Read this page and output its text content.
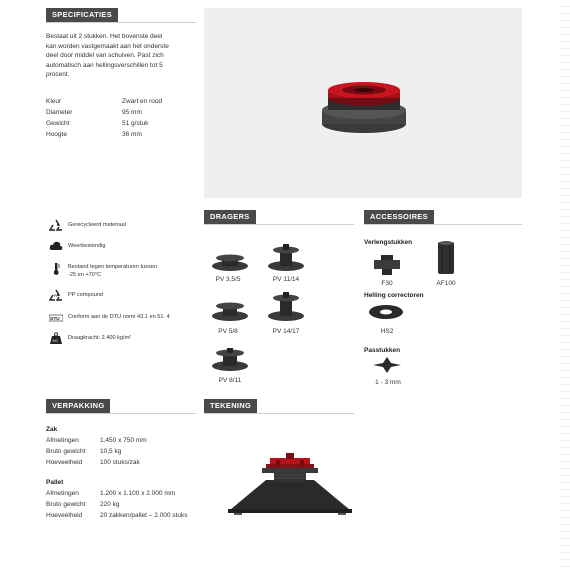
SPECIFICATIES
Bestaat uit 2 stukken. Het bovenste deel
kan worden vastgemaakt aan het onderste
deel door middel van schuiven. Past zich
automatisch aan hellingsverschillen tot 5
procent.
Kleur	Zwart en rood
Diameter	95 mm
Gewicht	51 g/stuk
Hoogte	36 mm
Gerecycleerd materiaal
Weerbestendig
Bestand tegen temperaturen tussen
-25 en +70°C
PP PP compound
DTU Conform aan de DTU norm 43.1 en 51. 4
KG Draagkracht: 2.400 kg/m²
DRAGERS
PV 3,5/5	PV 11/14
PV 5/8	PV 14/17
PV 8/11
ACCESSOIRES
Verlengstukken
F30	AF100
Helling correctoren
HS2
Passtukken
1 - 3 mm
VERPAKKING
Zak
Afmetingen	1.450 x 750 mm
Bruto gewicht 10,5 kg
Hoeveelheid	100 stuks/zak
Pallet
Afmetingen	1.200 x 1.100 x 2.000 mm
Bruto gewicht 220 kg
Hoeveelheid	20 zakken/pallet – 2.000 stuks
TEKENING
